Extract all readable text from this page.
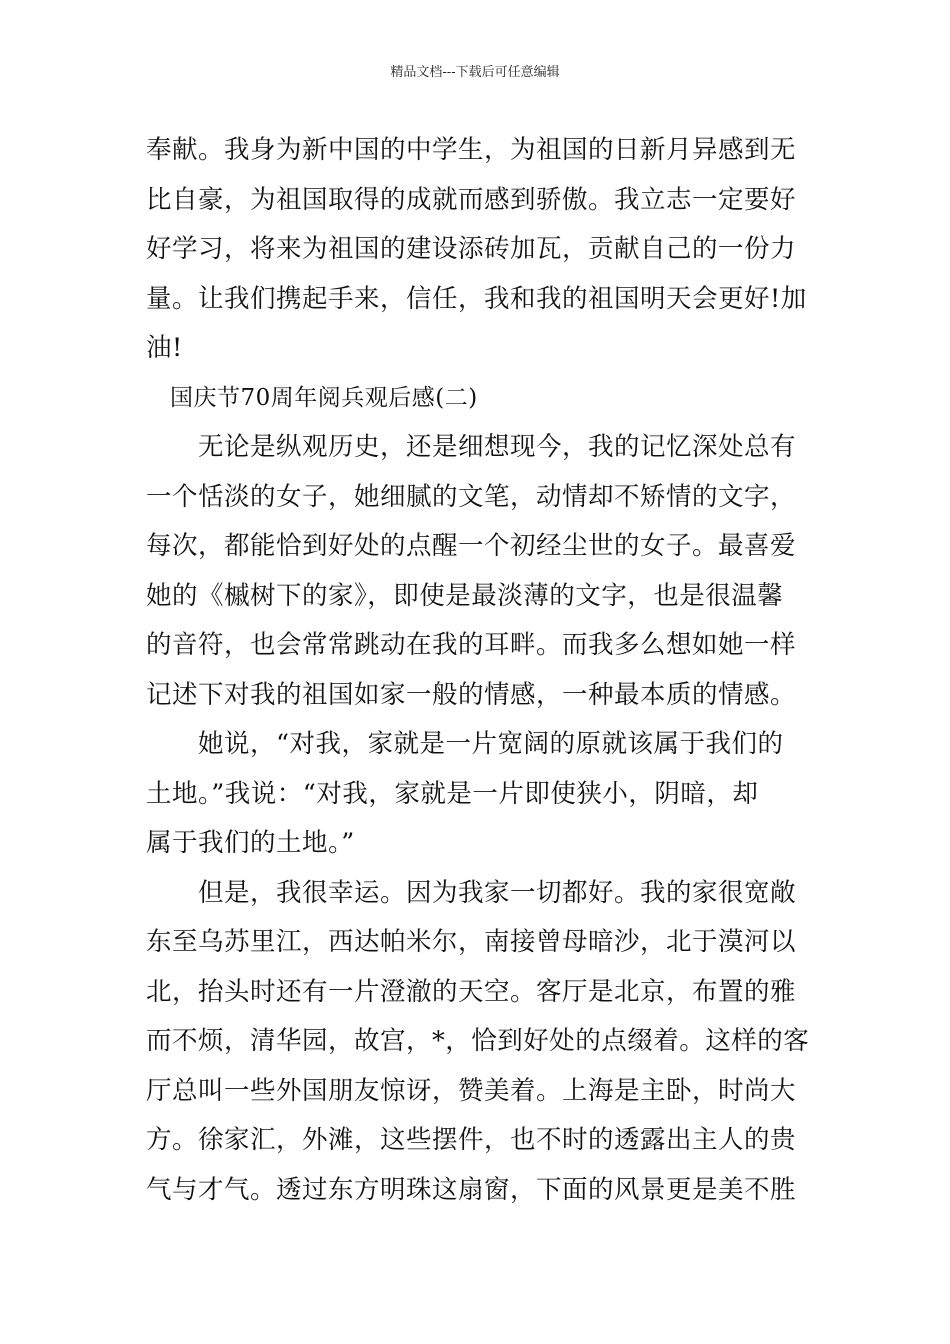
精品文档---下载后可任意编辑
奉献。我身为新中国的中学生，为祖国的日新月异感到无
比自豪，为祖国取得的成就而感到骄傲。我立志一定要好
好学习，将来为祖国的建设添砖加瓦，贡献自己的一份力
量。让我们携起手来，信任，我和我的祖国明天会更好!加
油!
国庆节70周年阅兵观后感(二)
无论是纵观历史，还是细想现今，我的记忆深处总有
一个恬淡的女子，她细腻的文笔，动情却不矫情的文字，
每次，都能恰到好处的点醒一个初经尘世的女子。最喜爱
她的《槭树下的家》，即使是最淡薄的文字，也是很温馨
的音符，也会常常跳动在我的耳畔。而我多么想如她一样
记述下对我的祖国如家一般的情感，一种最本质的情感。
她说，“对我，家就是一片宽阔的原就该属于我们的
土地。”我说：“对我，家就是一片即使狭小，阴暗，却
属于我们的土地。”
但是，我很幸运。因为我家一切都好。我的家很宽敞
东至乌苏里江，西达帕米尔，南接曾母暗沙，北于漠河以
北，抬头时还有一片澄澈的天空。客厅是北京，布置的雅
而不烦，清华园，故宫，*，恰到好处的点缀着。这样的客
厅总叫一些外国朋友惊讶，赞美着。上海是主卧，时尚大
方。徐家汇，外滩，这些摆件，也不时的透露出主人的贵
气与才气。透过东方明珠这扇窗，下面的风景更是美不胜
